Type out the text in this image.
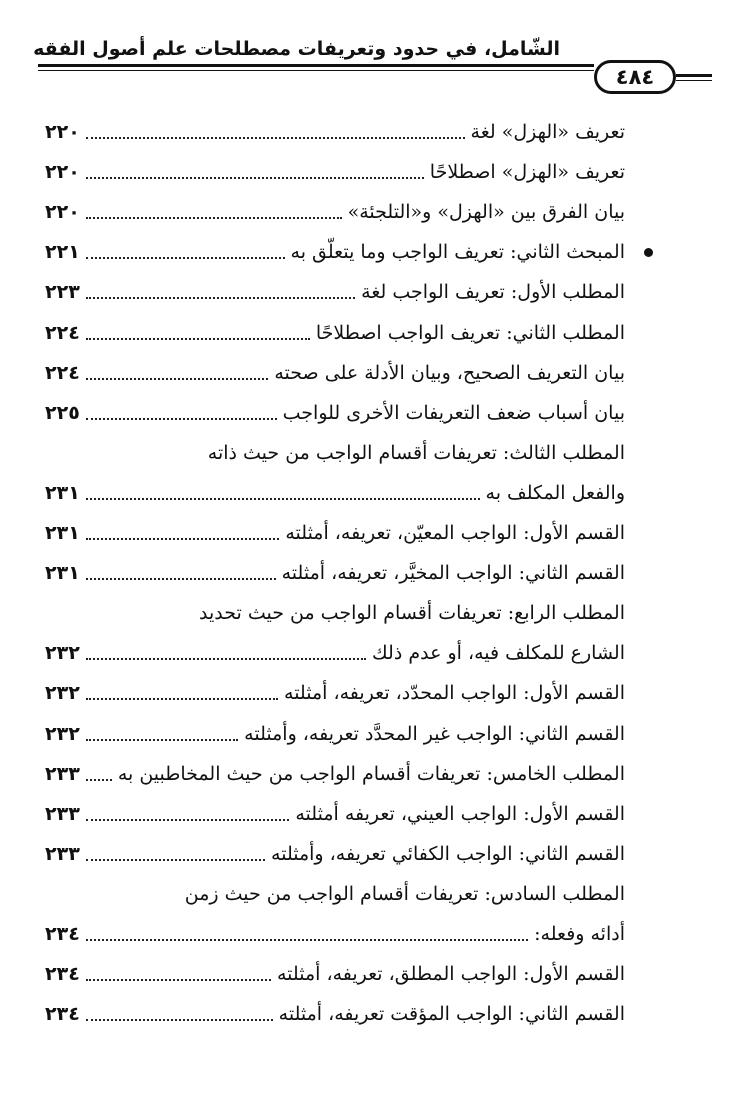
الشّامل، في حدود وتعريفات مصطلحات علم أصول الفقه
٤٨٤
تعريف «الهزل» لغة
٢٢٠
تعريف «الهزل» اصطلاحًا
٢٢٠
بيان الفرق بين «الهزل» و«التلجئة»
٢٢٠
المبحث الثاني: تعريف الواجب وما يتعلّق به
٢٢١
المطلب الأول: تعريف الواجب لغة
٢٢٣
المطلب الثاني: تعريف الواجب اصطلاحًا
٢٢٤
بيان التعريف الصحيح، وبيان الأدلة على صحته
٢٢٤
بيان أسباب ضعف التعريفات الأخرى للواجب
٢٢٥
المطلب الثالث: تعريفات أقسام الواجب من حيث ذاته
والفعل المكلف به
٢٣١
القسم الأول: الواجب المعيّن، تعريفه، أمثلته
٢٣١
القسم الثاني: الواجب المخيَّر، تعريفه، أمثلته
٢٣١
المطلب الرابع: تعريفات أقسام الواجب من حيث تحديد
الشارع للمكلف فيه، أو عدم ذلك
٢٣٢
القسم الأول: الواجب المحدّد، تعريفه، أمثلته
٢٣٢
القسم الثاني: الواجب غير المحدَّد تعريفه، وأمثلته
٢٣٢
المطلب الخامس: تعريفات أقسام الواجب من حيث المخاطبين به
٢٣٣
القسم الأول: الواجب العيني، تعريفه أمثلته
٢٣٣
القسم الثاني: الواجب الكفائي تعريفه، وأمثلته
٢٣٣
المطلب السادس: تعريفات أقسام الواجب من حيث زمن
أدائه وفعله:
٢٣٤
القسم الأول: الواجب المطلق، تعريفه، أمثلته
٢٣٤
القسم الثاني: الواجب المؤقت تعريفه، أمثلته
٢٣٤
